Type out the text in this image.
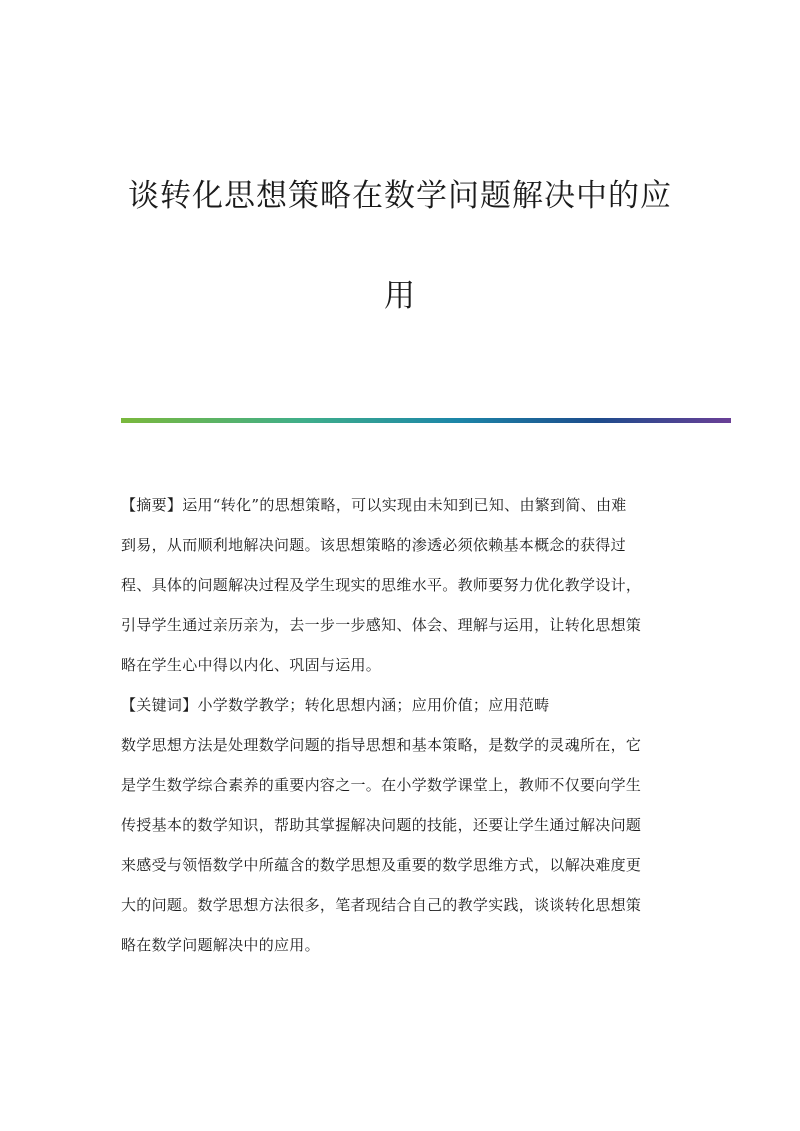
谈转化思想策略在数学问题解决中的应
用
【摘要】运用“转化”的思想策略，可以实现由未知到已知、由繁到简、由难
到易，从而顺利地解决问题。该思想策略的渗透必须依赖基本概念的获得过
程、具体的问题解决过程及学生现实的思维水平。教师要努力优化教学设计，
引导学生通过亲历亲为，去一步一步感知、体会、理解与运用，让转化思想策
略在学生心中得以内化、巩固与运用。
【关键词】小学数学教学；转化思想内涵；应用价值；应用范畴
数学思想方法是处理数学问题的指导思想和基本策略，是数学的灵魂所在，它
是学生数学综合素养的重要内容之一。在小学数学课堂上，教师不仅要向学生
传授基本的数学知识，帮助其掌握解决问题的技能，还要让学生通过解决问题
来感受与领悟数学中所蕴含的数学思想及重要的数学思维方式，以解决难度更
大的问题。数学思想方法很多，笔者现结合自己的教学实践，谈谈转化思想策
略在数学问题解决中的应用。
